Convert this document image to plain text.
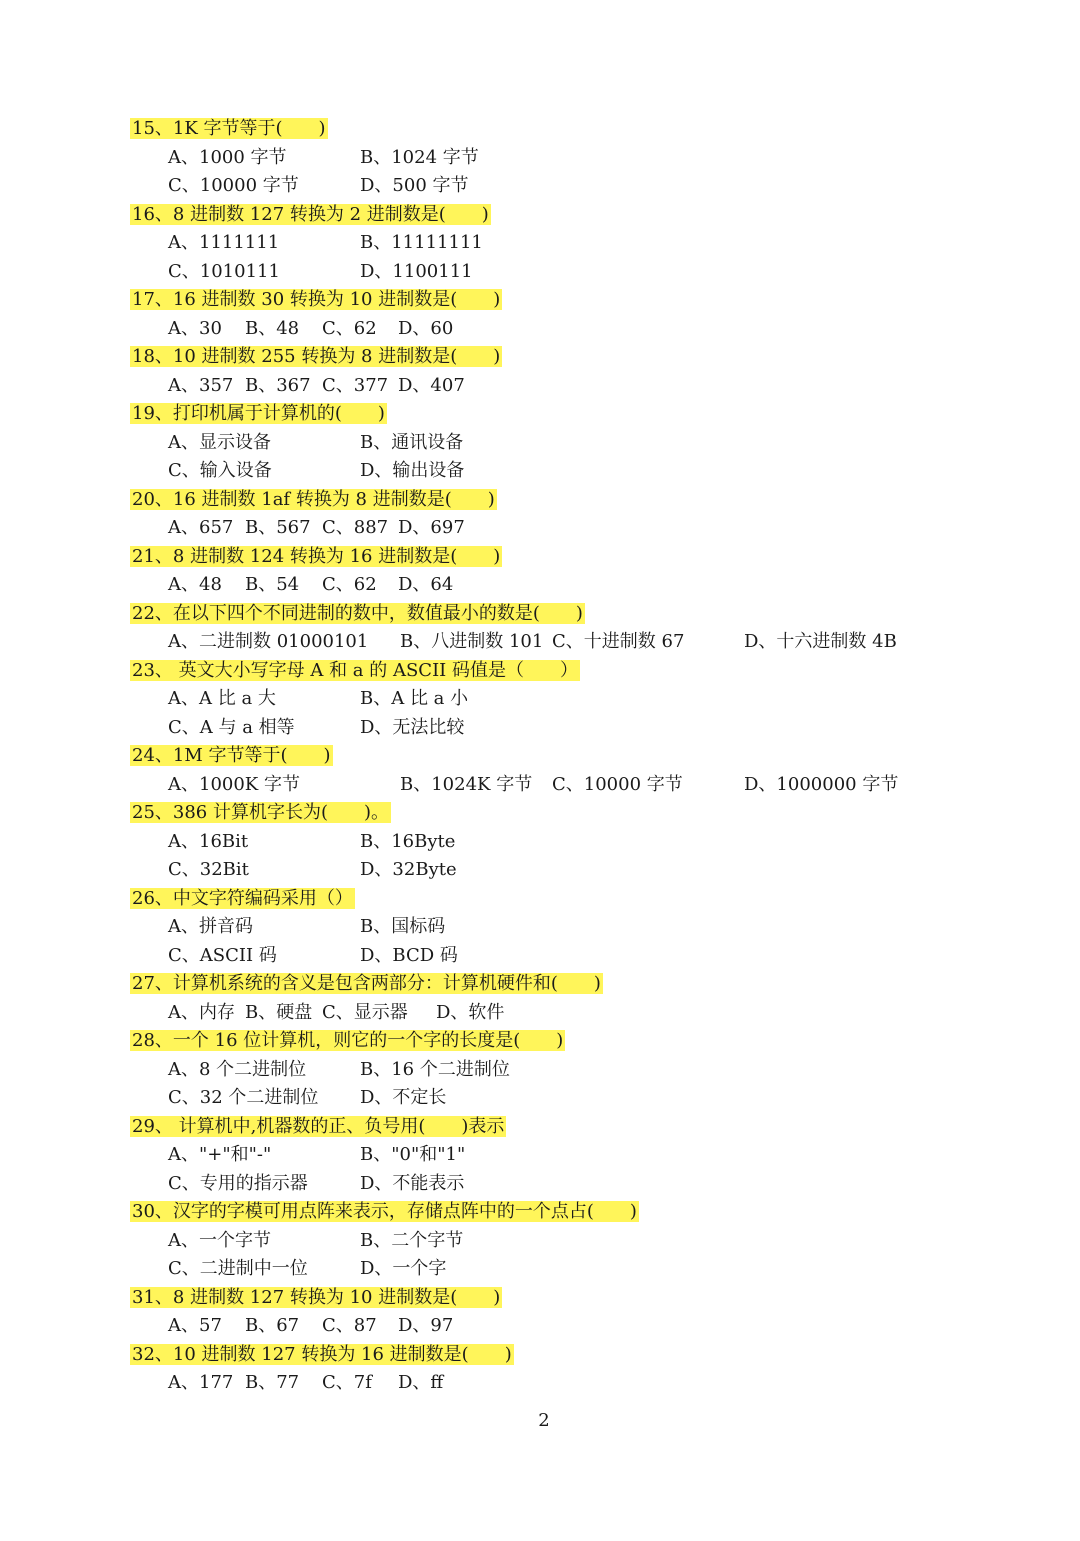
15、1K 字节等于(　　)
A、1000 字节	B、1024 字节
C、10000 字节	D、500 字节
16、8 进制数 127 转换为 2 进制数是(　　)
A、1111111	B、11111111
C、1010111	D、1100111
17、16 进制数 30 转换为 10 进制数是(　　)
A、30 B、48 C、62 D、60
18、10 进制数 255 转换为 8 进制数是(　　)
A、357 B、367 C、377 D、407
19、打印机属于计算机的(　　)
A、显示设备	B、通讯设备
C、输入设备	D、输出设备
20、16 进制数 1af 转换为 8 进制数是(　　)
A、657 B、567 C、887 D、697
21、8 进制数 124 转换为 16 进制数是(　　)
A、48 B、54 C、62 D、64
22、在以下四个不同进制的数中，数值最小的数是(　　)
A、二进制数 01000101 B、八进制数 101 C、十进制数 67	D、十六进制数 4B
23、 英文大小写字母 A 和 a 的 ASCII 码值是（　　）
A、A 比 a 大	B、A 比 a 小
C、A 与 a 相等	D、无法比较
24、1M 字节等于(　　)
A、1000K 字节	B、1024K 字节 C、10000 字节	D、1000000 字节
25、386 计算机字长为(　　)。
A、16Bit	B、16Byte
C、32Bit	D、32Byte
26、中文字符编码采用（）
A、拼音码	B、国标码
C、ASCII 码	D、BCD 码
27、计算机系统的含义是包含两部分：计算机硬件和(　　)
A、内存 B、硬盘 C、显示器 D、软件
28、一个 16 位计算机，则它的一个字的长度是(　　)
A、8 个二进制位	B、16 个二进制位
C、32 个二进制位 D、不定长
29、 计算机中,机器数的正、负号用(　　)表示
A、"+"和"-"	B、"0"和"1"
C、专用的指示器	D、不能表示
30、汉字的字模可用点阵来表示，存储点阵中的一个点占(　　)
A、一个字节	B、二个字节
C、二进制中一位	D、一个字
31、8 进制数 127 转换为 10 进制数是(　　)
A、57 B、67 C、87 D、97
32、10 进制数 127 转换为 16 进制数是(　　)
A、177 B、77 C、7f D、ff
2
